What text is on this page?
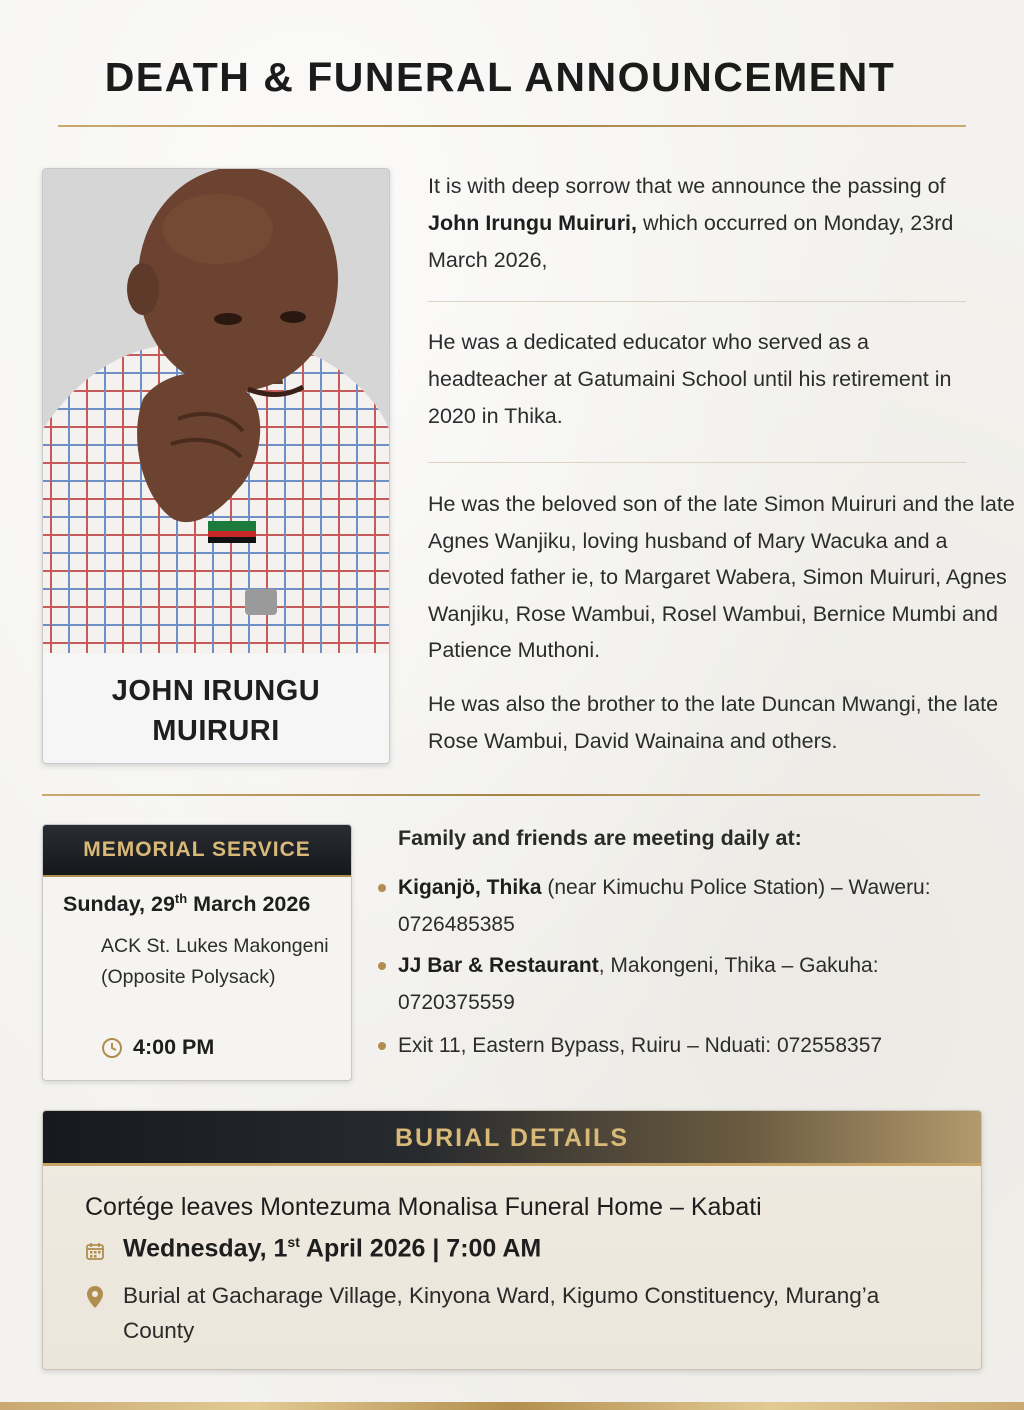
DEATH & FUNERAL ANNOUNCEMENT
JOHN IRUNGU
MUIRURI

It is with deep sorrow that we announce the passing of John Irungu Muiruri, which occurred on Monday, 23rd March 2026,

He was a dedicated educator who served as a headteacher at Gatumaini School until his retirement in 2020 in Thika.

He was the beloved son of the late Simon Muiruri and the late Agnes Wanjiku, loving husband of Mary Wacuka and a devoted father ie, to Margaret Wabera, Simon Muiruri, Agnes Wanjiku, Rose Wambui, Rosel Wambui, Bernice Mumbi and Patience Muthoni.

He was also the brother to the late Duncan Mwangi, the late Rose Wambui, David Wainaina and others.

MEMORIAL SERVICE
Sunday, 29th March 2026
ACK St. Lukes Makongeni (Opposite Polysack)
4:00 PM

Family and friends are meeting daily at:

Kiganjö, Thika (near Kimuchu Police Station) – Waweru: 0726485385
JJ Bar & Restaurant, Makongeni, Thika – Gakuha: 0720375559
Exit 11, Eastern Bypass, Ruiru – Nduati: 072558357
BURIAL DETAILS
Cortége leaves Montezuma Monalisa Funeral Home – Kabati
Wednesday, 1st April 2026 | 7:00 AM
Burial at Gacharage Village, Kinyona Ward, Kigumo Constituency, Murang’a County
